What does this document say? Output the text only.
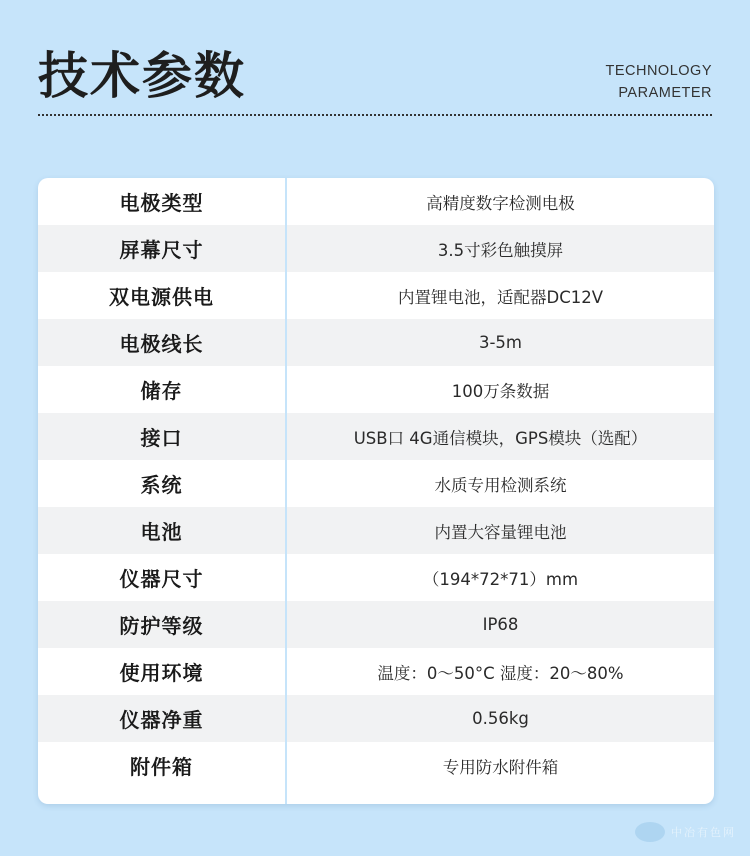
技术参数	TECHNOLOGY
PARAMETER
电极类型	高精度数字检测电极
屏幕尺寸	3.5寸彩色触摸屏
双电源供电	内置锂电池，适配器DC12V
电极线长	3-5m
储存	100万条数据
接口	USB口 4G通信模块，GPS模块（选配）
系统	水质专用检测系统
电池	内置大容量锂电池
仪器尺寸	（194*72*71）mm
防护等级	IP68
使用环境	温度：0～50°C 湿度：20～80%
仪器净重	0.56kg
附件箱	专用防水附件箱
中冶有色网
